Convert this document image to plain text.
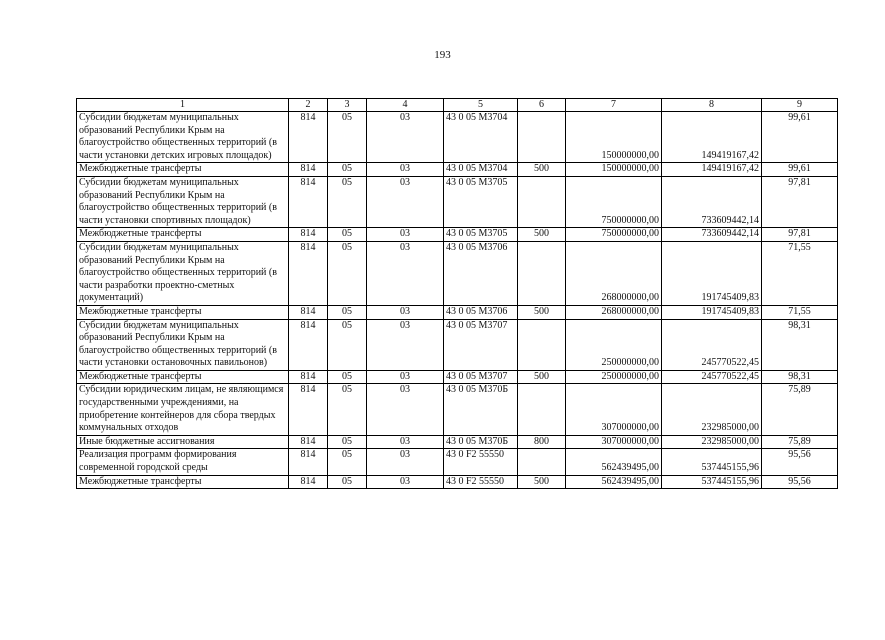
193
1	2	3	4	5	6	7	8	9
Субсидии бюджетам муниципальных образований Республики Крым на благоустройство общественных территорий (в части установки детских игровых площадок)	814	05	03	43 0 05 М3704		150000000,00	149419167,42	99,61
Межбюджетные трансферты	814	05	03	43 0 05 М3704	500	150000000,00	149419167,42	99,61
Субсидии бюджетам муниципальных образований Республики Крым на благоустройство общественных территорий (в части установки спортивных площадок)	814	05	03	43 0 05 М3705		750000000,00	733609442,14	97,81
Межбюджетные трансферты	814	05	03	43 0 05 М3705	500	750000000,00	733609442,14	97,81
Субсидии бюджетам муниципальных образований Республики Крым на благоустройство общественных территорий (в части разработки проектно-сметных документаций)	814	05	03	43 0 05 М3706		268000000,00	191745409,83	71,55
Межбюджетные трансферты	814	05	03	43 0 05 М3706	500	268000000,00	191745409,83	71,55
Субсидии бюджетам муниципальных образований Республики Крым на благоустройство общественных территорий (в части установки остановочных павильонов)	814	05	03	43 0 05 М3707		250000000,00	245770522,45	98,31
Межбюджетные трансферты	814	05	03	43 0 05 М3707	500	250000000,00	245770522,45	98,31
Субсидии юридическим лицам, не являющимся государственными учреждениями, на приобретение контейнеров для сбора твердых коммунальных отходов	814	05	03	43 0 05 М370Б		307000000,00	232985000,00	75,89
Иные бюджетные ассигнования	814	05	03	43 0 05 М370Б	800	307000000,00	232985000,00	75,89
Реализация программ формирования современной городской среды	814	05	03	43 0 F2 55550		562439495,00	537445155,96	95,56
Межбюджетные трансферты	814	05	03	43 0 F2 55550	500	562439495,00	537445155,96	95,56
